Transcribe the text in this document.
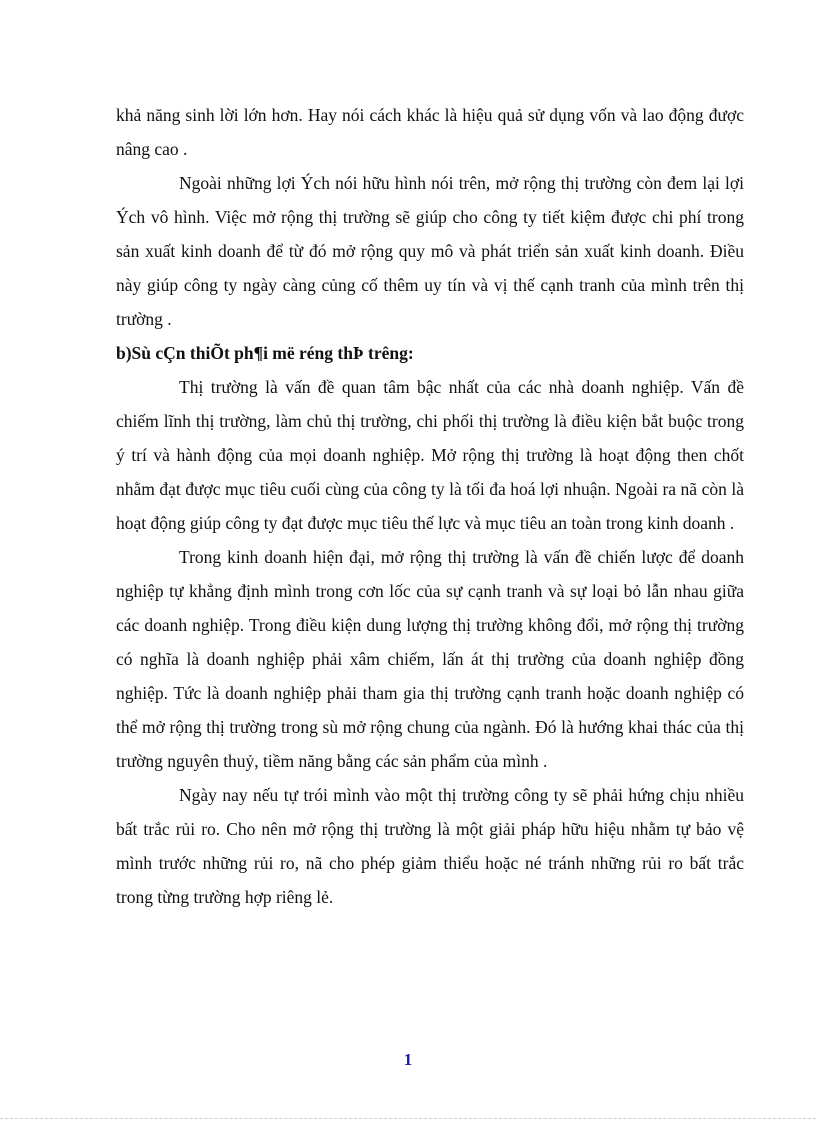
khả năng sinh lời lớn hơn. Hay nói cách khác là hiệu quả sử dụng vốn và lao động được nâng cao .

Ngoài những lợi Ých nói hữu hình nói trên, mở rộng thị trường còn đem lại lợi Ých vô hình. Việc mở rộng thị trường sẽ giúp cho công ty tiết kiệm được chi phí trong sản xuất kinh doanh để từ đó mở rộng quy mô và phát triển sản xuất kinh doanh. Điều này giúp công ty ngày càng củng cố thêm uy tín và vị thế cạnh tranh của mình trên thị trường .

b)Sù cÇn thiÕt ph¶i më réng thÞ trêng:

Thị trường là vấn đề quan tâm bậc nhất của các nhà doanh nghiệp. Vấn đề chiếm lĩnh thị trường, làm chủ thị trường, chi phối thị trường là điều kiện bắt buộc trong ý trí và hành động của mọi doanh nghiệp. Mở rộng thị trường là hoạt động then chốt nhằm đạt được mục tiêu cuối cùng của công ty là tối đa hoá lợi nhuận. Ngoài ra nã còn là hoạt động giúp công ty đạt được mục tiêu thế lực và mục tiêu an toàn trong kinh doanh .

Trong kinh doanh hiện đại, mở rộng thị trường là vấn đề chiến lược để doanh nghiệp tự khẳng định mình trong cơn lốc của sự cạnh tranh và sự loại bỏ lẫn nhau giữa các doanh nghiệp. Trong điều kiện dung lượng thị trường không đổi, mở rộng thị trường có nghĩa là doanh nghiệp phải xâm chiếm, lấn át thị trường của doanh nghiệp đồng nghiệp. Tức là doanh nghiệp phải tham gia thị trường cạnh tranh hoặc doanh nghiệp có thể mở rộng thị trường trong sù mở rộng chung của ngành. Đó là hướng khai thác của thị trường nguyên thuỷ, tiềm năng bằng các sản phẩm của mình .

Ngày nay nếu tự trói mình vào một thị trường công ty sẽ phải hứng chịu nhiều bất trắc rủi ro. Cho nên mở rộng thị trường là một giải pháp hữu hiệu nhằm tự bảo vệ mình trước những rủi ro, nã cho phép giảm thiểu hoặc né tránh những rủi ro bất trắc trong từng trường hợp riêng lẻ.

1
